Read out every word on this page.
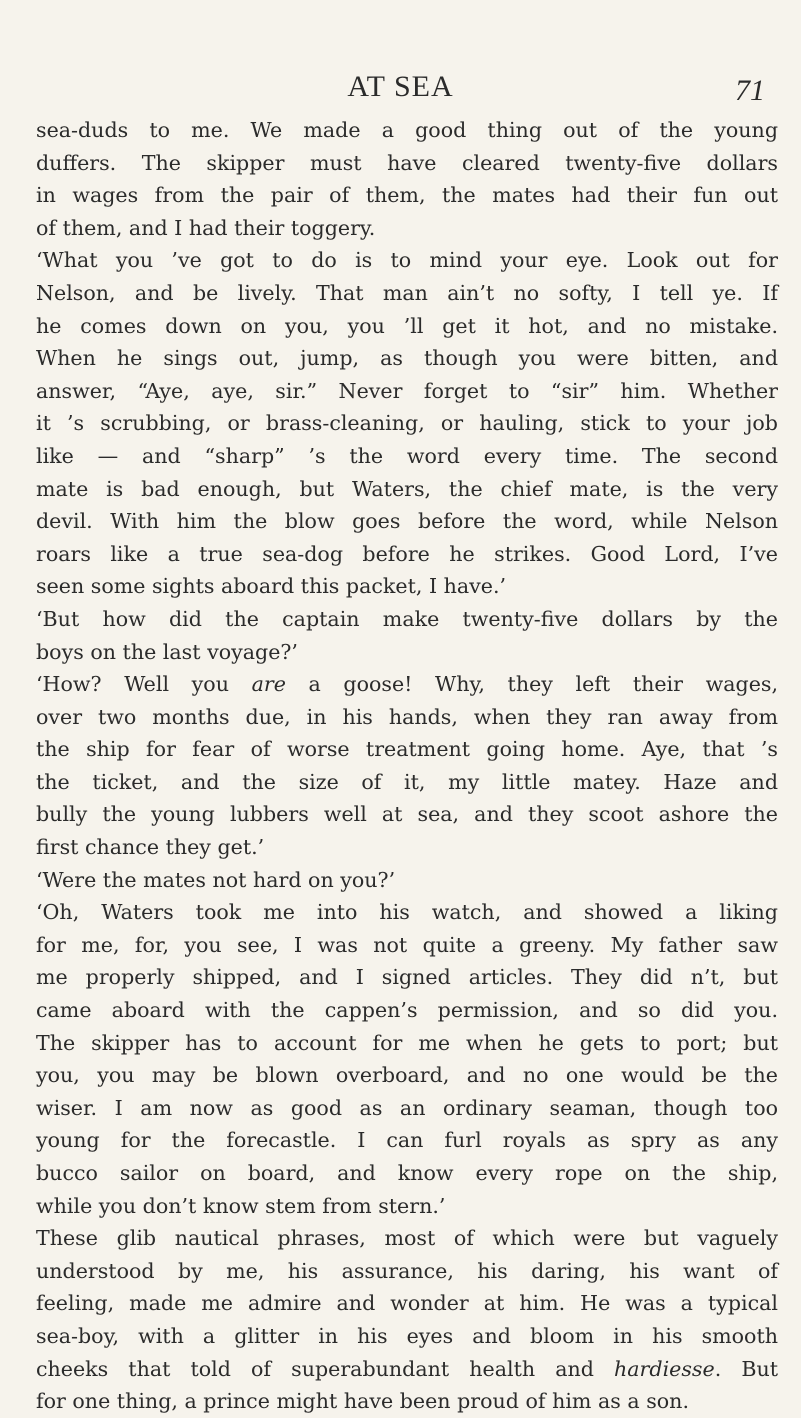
AT SEA	71
sea-duds to me. We made a good thing out of the young
duffers. The skipper must have cleared twenty-five dollars
in wages from the pair of them, the mates had their fun out
of them, and I had their toggery.
‘What you ’ve got to do is to mind your eye. Look out for
Nelson, and be lively. That man ain’t no softy, I tell ye. If
he comes down on you, you ’ll get it hot, and no mistake.
When he sings out, jump, as though you were bitten, and
answer, “Aye, aye, sir.” Never forget to “sir” him. Whether
it ’s scrubbing, or brass-cleaning, or hauling, stick to your job
like — and “sharp” ’s the word every time. The second
mate is bad enough, but Waters, the chief mate, is the very
devil. With him the blow goes before the word, while Nelson
roars like a true sea-dog before he strikes. Good Lord, I’ve
seen some sights aboard this packet, I have.’
‘But how did the captain make twenty-five dollars by the
boys on the last voyage?’
‘How? Well you are a goose! Why, they left their wages,
over two months due, in his hands, when they ran away from
the ship for fear of worse treatment going home. Aye, that ’s
the ticket, and the size of it, my little matey. Haze and
bully the young lubbers well at sea, and they scoot ashore the
first chance they get.’
‘Were the mates not hard on you?’
‘Oh, Waters took me into his watch, and showed a liking
for me, for, you see, I was not quite a greeny. My father saw
me properly shipped, and I signed articles. They did n’t, but
came aboard with the cappen’s permission, and so did you.
The skipper has to account for me when he gets to port; but
you, you may be blown overboard, and no one would be the
wiser. I am now as good as an ordinary seaman, though too
young for the forecastle. I can furl royals as spry as any
bucco sailor on board, and know every rope on the ship,
while you don’t know stem from stern.’
These glib nautical phrases, most of which were but vaguely
understood by me, his assurance, his daring, his want of
feeling, made me admire and wonder at him. He was a typical
sea-boy, with a glitter in his eyes and bloom in his smooth
cheeks that told of superabundant health and hardiesse. But
for one thing, a prince might have been proud of him as a son.
